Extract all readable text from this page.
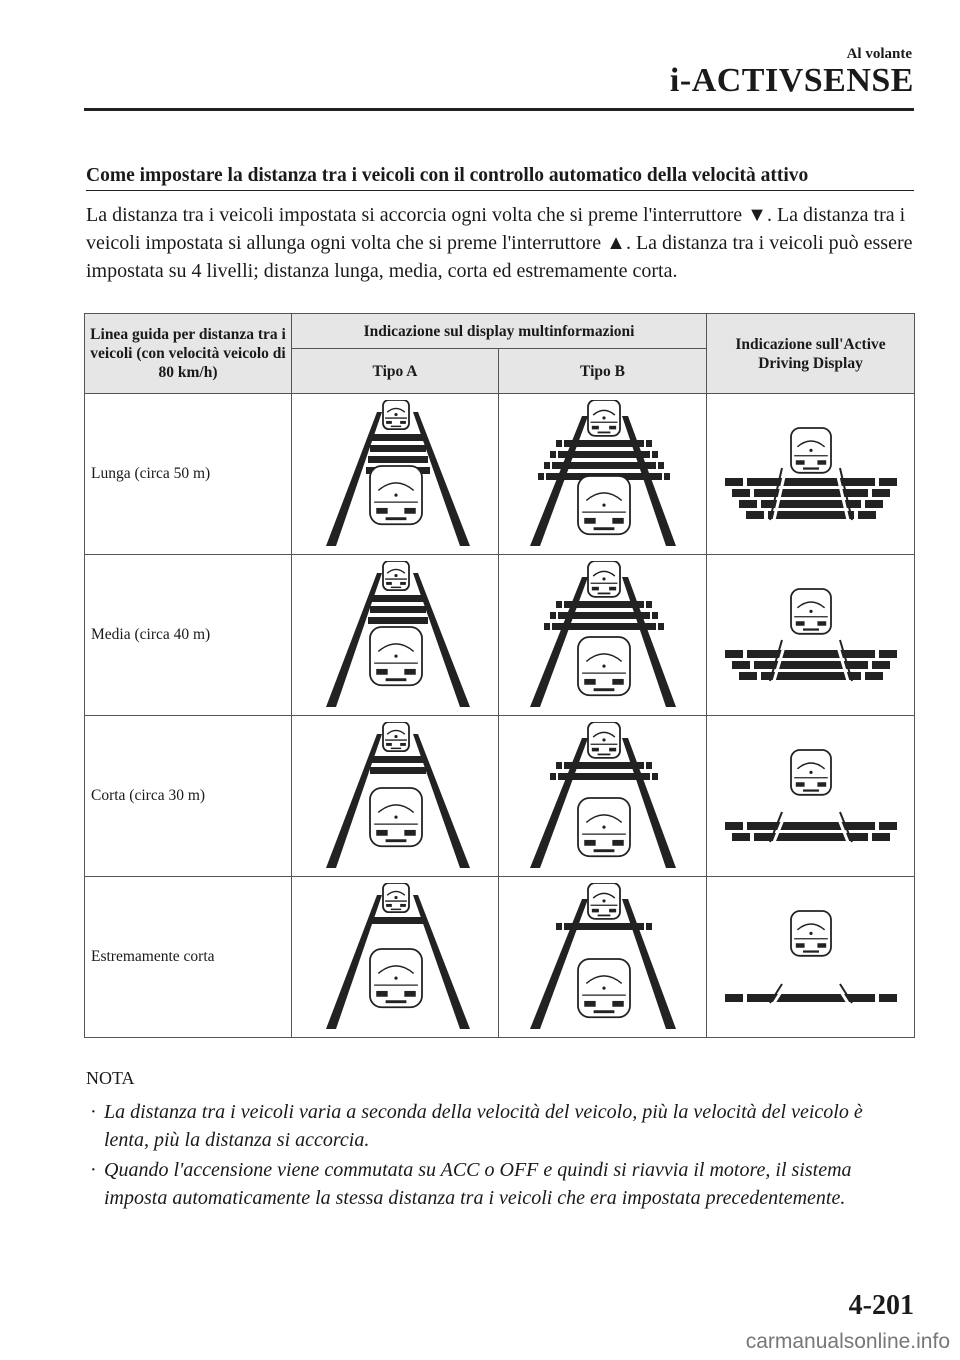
Al volante
i-ACTIVSENSE
Come impostare la distanza tra i veicoli con il controllo automatico della velocità attivo
La distanza tra i veicoli impostata si accorcia ogni volta che si preme l'interruttore ▼. La distanza tra i veicoli impostata si allunga ogni volta che si preme l'interruttore ▲. La distanza tra i veicoli può essere impostata su 4 livelli; distanza lunga, media, corta ed estremamente corta.
Linea guida per distanza tra i veicoli (con velocità veicolo di 80 km/h)	Indicazione sul display multinformazioni		Indicazione sull'Active Driving Display
	Tipo A	Tipo B	
Lunga (circa 50 m)	

Media (circa 40 m)	

Corta (circa 30 m)	

Estremamente corta	

NOTA
· La distanza tra i veicoli varia a seconda della velocità del veicolo, più la velocità del veicolo è lenta, più la distanza si accorcia.
· Quando l'accensione viene commutata su ACC o OFF e quindi si riavvia il motore, il sistema imposta automaticamente la stessa distanza tra i veicoli che era impostata precedentemente.
4-201
carmanualsonline.info
